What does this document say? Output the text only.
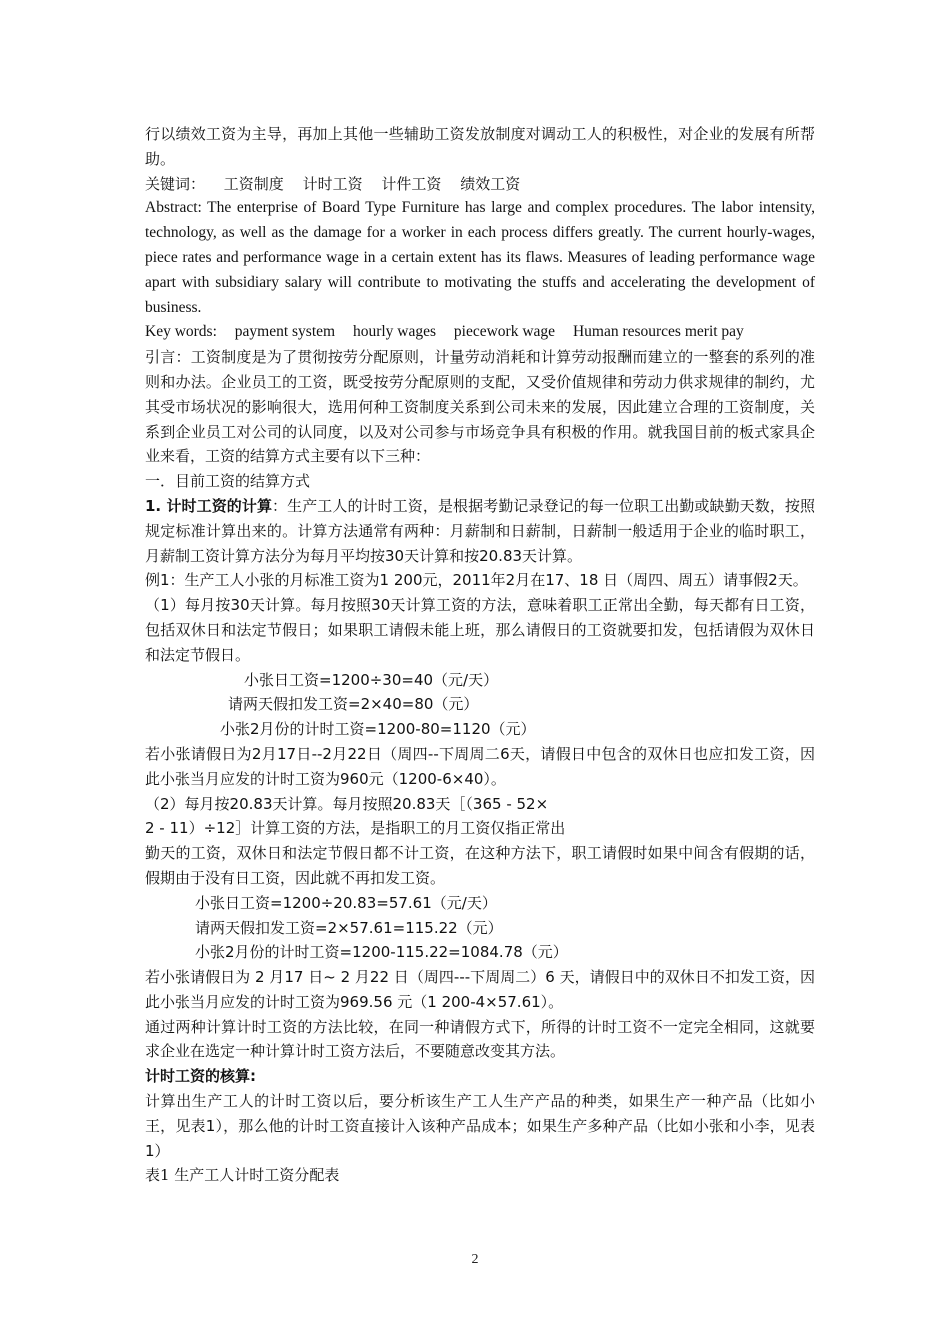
行以绩效工资为主导，再加上其他一些辅助工资发放制度对调动工人的积极性，对企业的发展有所帮助。

关键词： 工资制度 计时工资 计件工资 绩效工资

Abstract: The enterprise of Board Type Furniture has large and complex procedures. The labor intensity, technology, as well as the damage for a worker in each process differs greatly. The current hourly-wages, piece rates and performance wage in a certain extent has its flaws. Measures of leading performance wage apart with subsidiary salary will contribute to motivating the stuffs and accelerating the development of business.

Key words: payment system hourly wages piecework wage Human resources merit pay

引言：工资制度是为了贯彻按劳分配原则，计量劳动消耗和计算劳动报酬而建立的一整套的系列的准则和办法。企业员工的工资，既受按劳分配原则的支配，又受价值规律和劳动力供求规律的制约，尤其受市场状况的影响很大，选用何种工资制度关系到公司未来的发展，因此建立合理的工资制度，关系到企业员工对公司的认同度，以及对公司参与市场竞争具有积极的作用。就我国目前的板式家具企业来看，工资的结算方式主要有以下三种：

一．目前工资的结算方式

1. 计时工资的计算：生产工人的计时工资，是根据考勤记录登记的每一位职工出勤或缺勤天数，按照规定标准计算出来的。计算方法通常有两种：月薪制和日薪制，日薪制一般适用于企业的临时职工，月薪制工资计算方法分为每月平均按30天计算和按20.83天计算。

例1：生产工人小张的月标准工资为1 200元，2011年2月在17、18 日（周四、周五）请事假2天。

（1）每月按30天计算。每月按照30天计算工资的方法，意味着职工正常出全勤，每天都有日工资，包括双休日和法定节假日；如果职工请假未能上班，那么请假日的工资就要扣发，包括请假为双休日和法定节假日。

小张日工资=1200÷30=40（元/天）

请两天假扣发工资=2×40=80（元）

小张2月份的计时工资=1200-80=1120（元）

若小张请假日为2月17日--2月22日（周四--下周周二6天，请假日中包含的双休日也应扣发工资，因此小张当月应发的计时工资为960元（1200-6×40）。

（2）每月按20.83天计算。每月按照20.83天［（365 - 52×

2 - 11）÷12］计算工资的方法，是指职工的月工资仅指正常出

勤天的工资，双休日和法定节假日都不计工资，在这种方法下，职工请假时如果中间含有假期的话，假期由于没有日工资，因此就不再扣发工资。

小张日工资=1200÷20.83=57.61（元/天）

请两天假扣发工资=2×57.61=115.22（元）

小张2月份的计时工资=1200-115.22=1084.78（元）

若小张请假日为 2 月17 日~ 2 月22 日（周四---下周周二）6 天，请假日中的双休日不扣发工资，因此小张当月应发的计时工资为969.56 元（1 200-4×57.61）。

通过两种计算计时工资的方法比较，在同一种请假方式下，所得的计时工资不一定完全相同，这就要求企业在选定一种计算计时工资方法后，不要随意改变其方法。

计时工资的核算:

计算出生产工人的计时工资以后，要分析该生产工人生产产品的种类，如果生产一种产品（比如小王，见表1），那么他的计时工资直接计入该种产品成本；如果生产多种产品（比如小张和小李，见表1）

表1 生产工人计时工资分配表

2
